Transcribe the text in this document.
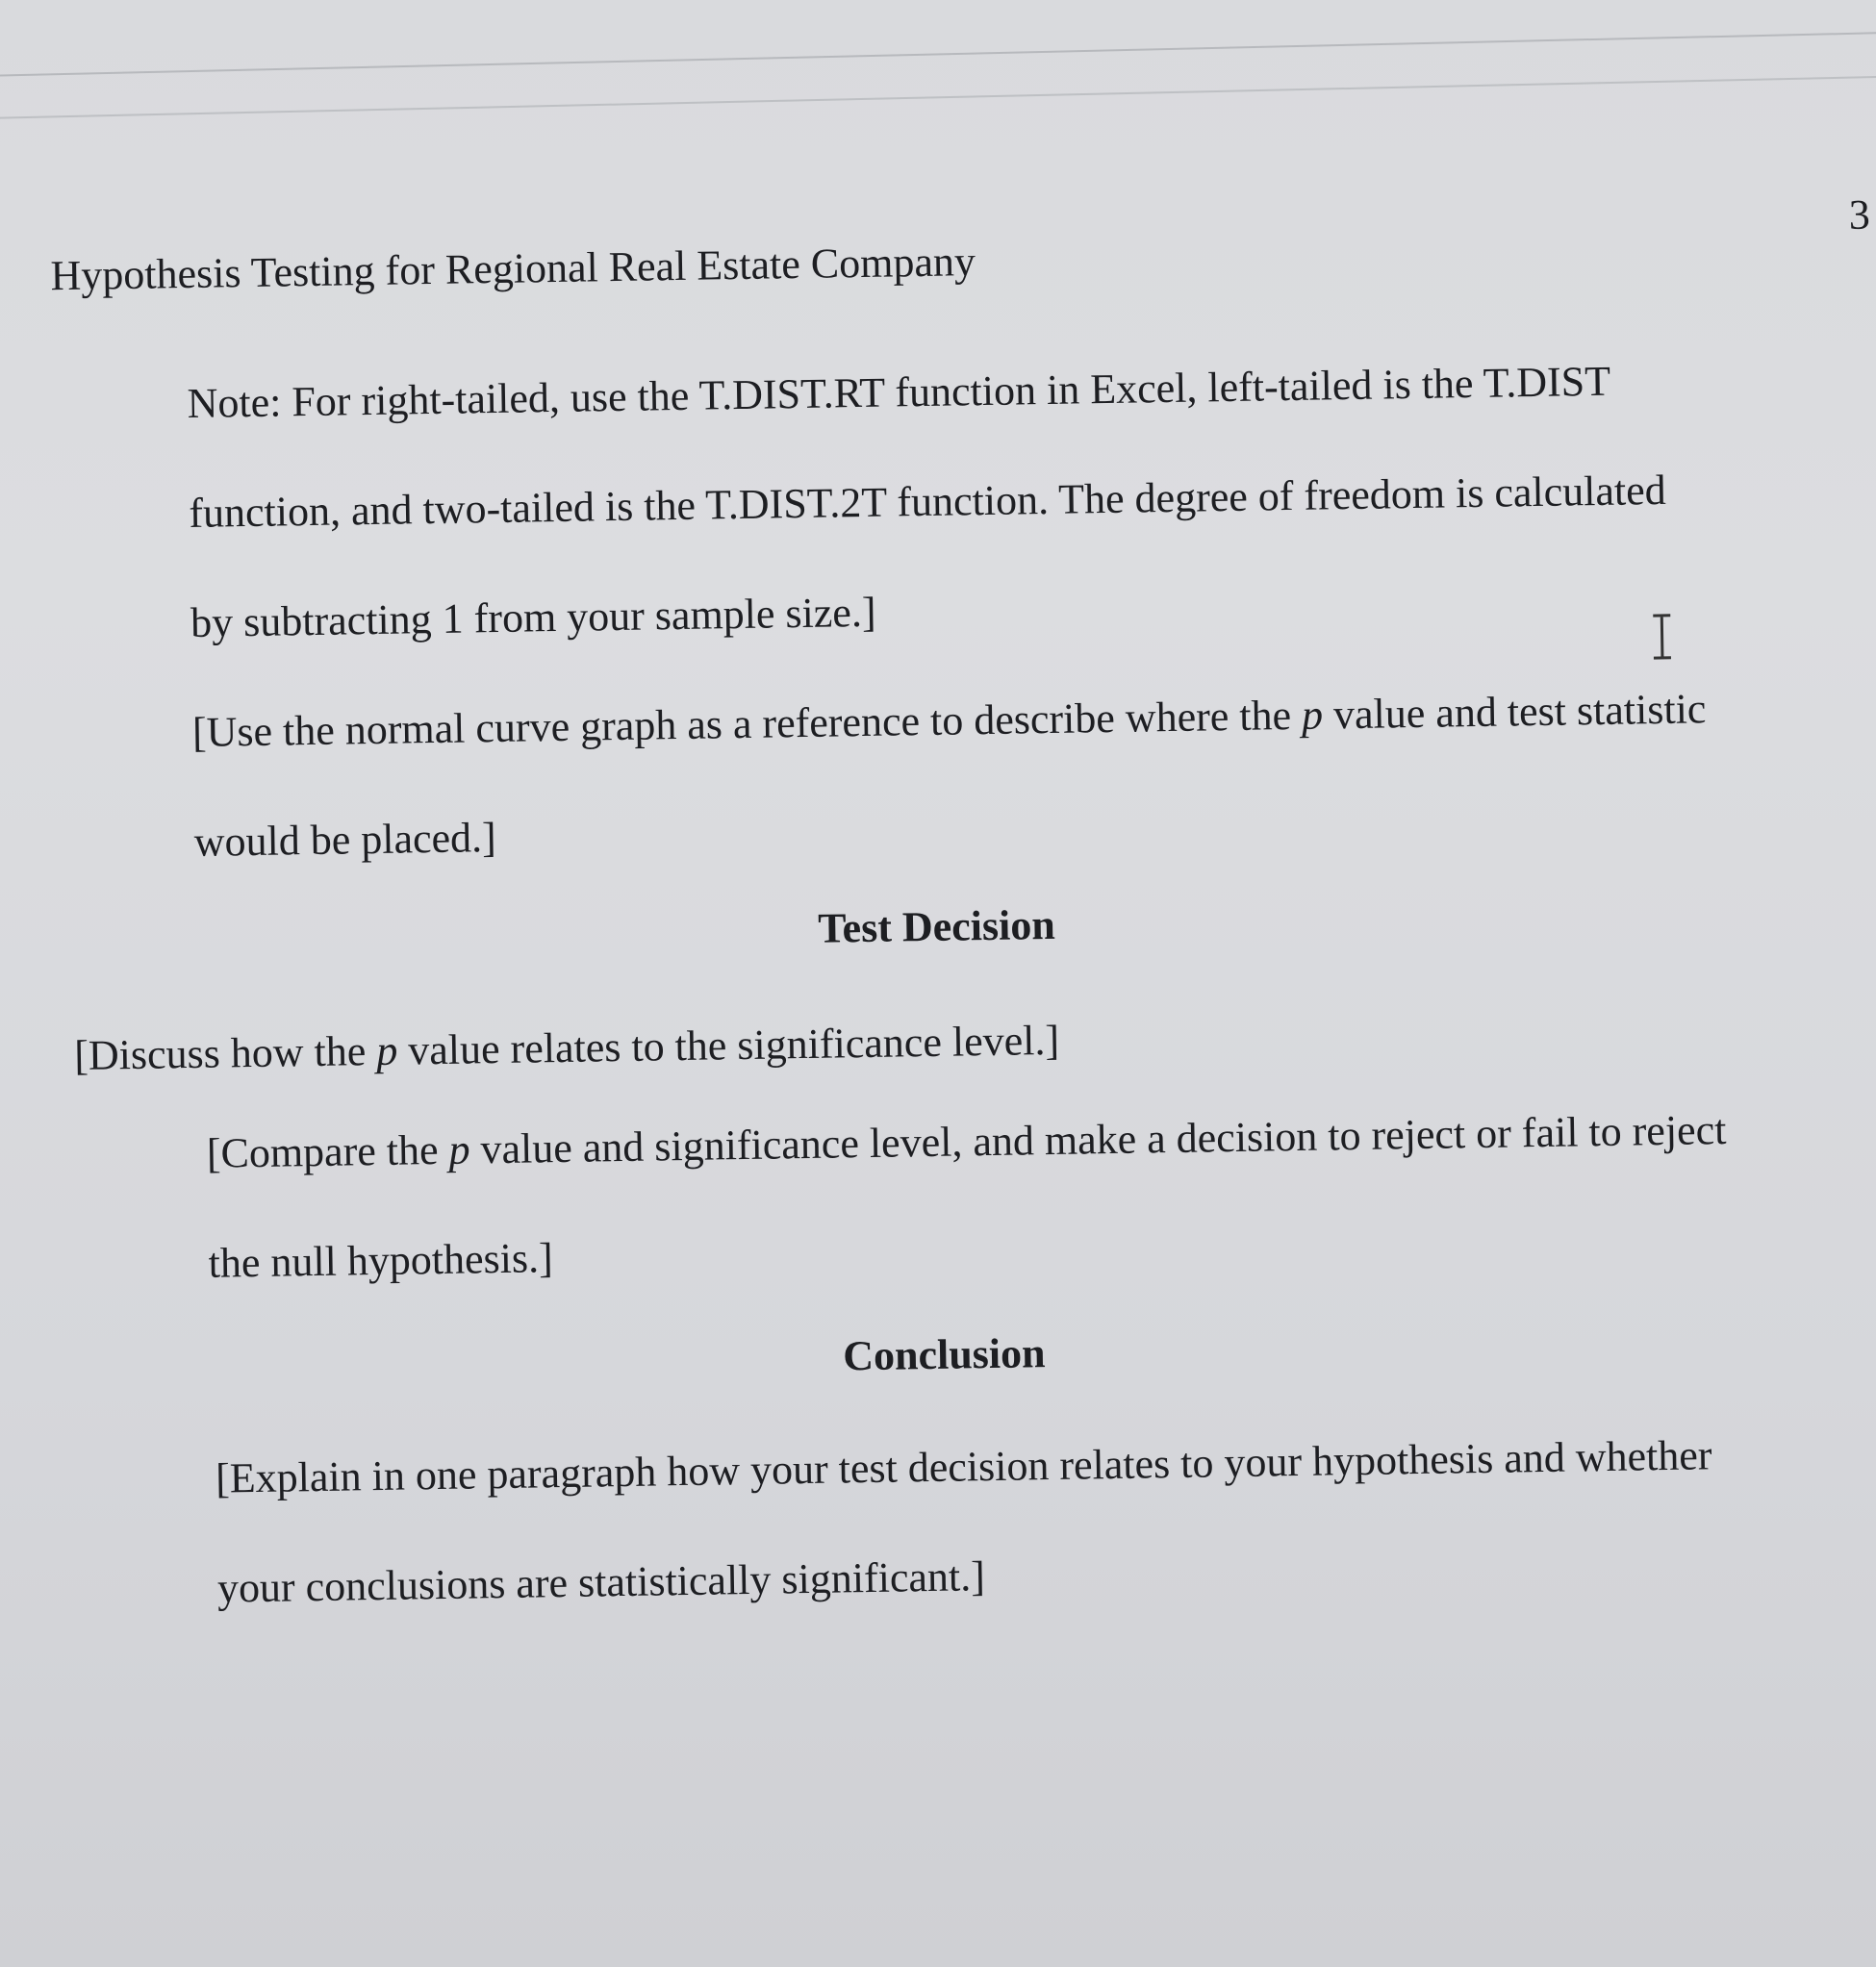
3
Hypothesis Testing for Regional Real Estate Company
Note: For right-tailed, use the T.DIST.RT function in Excel, left-tailed is the T.DIST
function, and two-tailed is the T.DIST.2T function. The degree of freedom is calculated
by subtracting 1 from your sample size.]
[Use the normal curve graph as a reference to describe where the p value and test statistic
would be placed.]
Test Decision
[Discuss how the p value relates to the significance level.]
[Compare the p value and significance level, and make a decision to reject or fail to reject
the null hypothesis.]
Conclusion
[Explain in one paragraph how your test decision relates to your hypothesis and whether
your conclusions are statistically significant.]
